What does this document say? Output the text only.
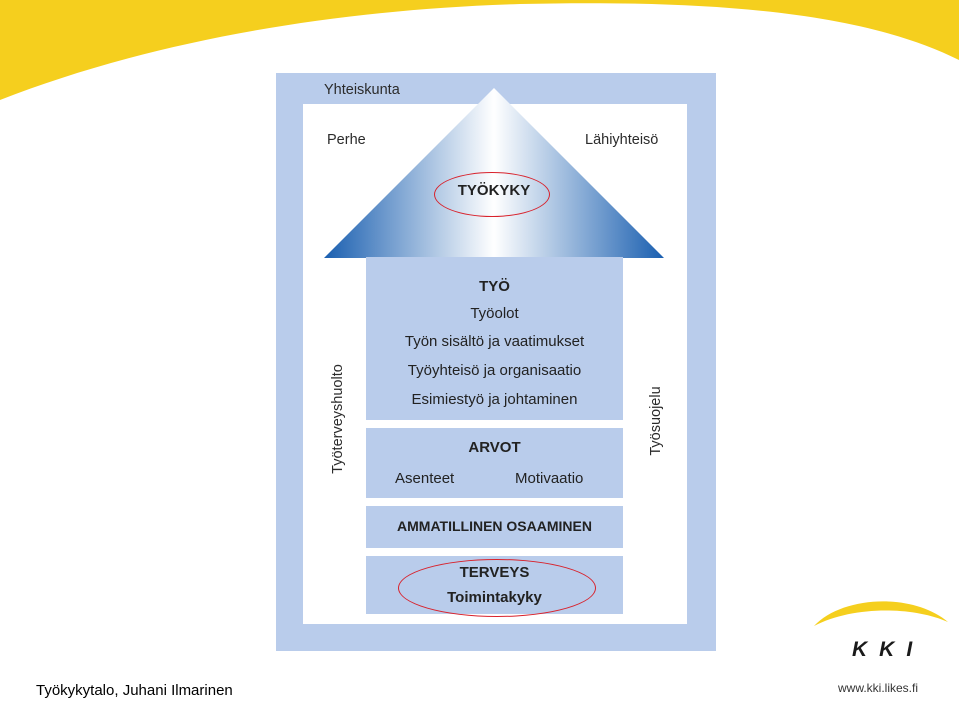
Yhteiskunta
Perhe	Lähiyhteisö
TYÖKYKY
TYÖ
Työolot
Työn sisältö ja vaatimukset
Työyhteisö ja organisaatio
Esimiestyö ja johtaminen
ARVOT
Asenteet	Motivaatio
AMMATILLINEN OSAAMINEN
TERVEYS
Toimintakyky
Työterveyshuolto	Työsuojelu
Työkykytalo, Juhani Ilmarinen
KKI
www.kki.likes.fi
